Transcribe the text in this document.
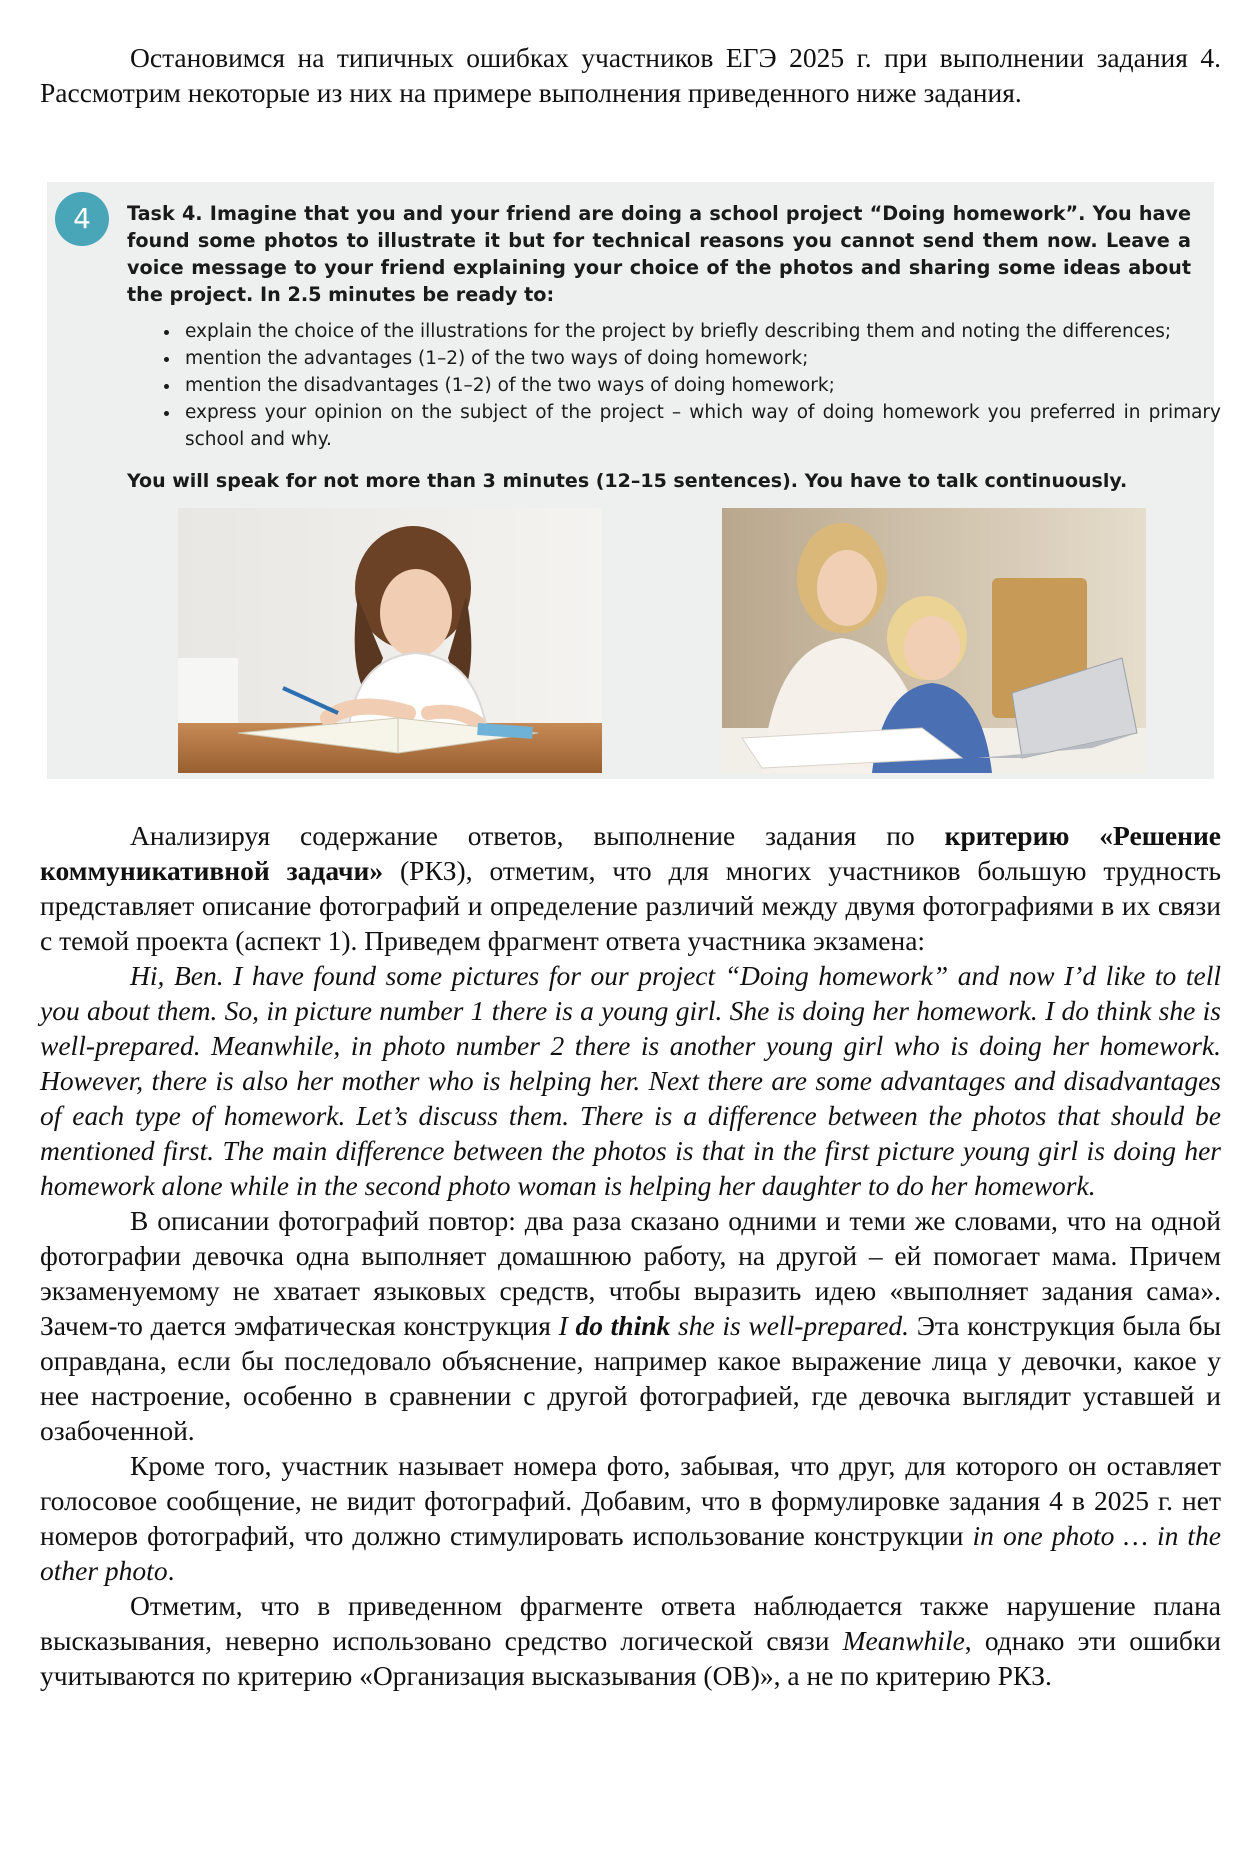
Остановимся на типичных ошибках участников ЕГЭ 2025 г. при выполнении задания 4. Рассмотрим некоторые из них на примере выполнения приведенного ниже задания.

4	Task 4. Imagine that you and your friend are doing a school project “Doing homework”. You have found some photos to illustrate it but for technical reasons you cannot send them now. Leave a voice message to your friend explaining your choice of the photos and sharing some ideas about the project. In 2.5 minutes be ready to:
• explain the choice of the illustrations for the project by briefly describing them and noting the differences;
• mention the advantages (1–2) of the two ways of doing homework;
• mention the disadvantages (1–2) of the two ways of doing homework;
• express your opinion on the subject of the project – which way of doing homework you preferred in primary school and why.
You will speak for not more than 3 minutes (12–15 sentences). You have to talk continuously.

Анализируя содержание ответов, выполнение задания по критерию «Решение коммуникативной задачи» (РКЗ), отметим, что для многих участников большую трудность представляет описание фотографий и определение различий между двумя фотографиями в их связи с темой проекта (аспект 1). Приведем фрагмент ответа участника экзамена:

Hi, Ben. I have found some pictures for our project “Doing homework” and now I’d like to tell you about them. So, in picture number 1 there is a young girl. She is doing her homework. I do think she is well-prepared. Meanwhile, in photo number 2 there is another young girl who is doing her homework. However, there is also her mother who is helping her. Next there are some advantages and disadvantages of each type of homework. Let’s discuss them. There is a difference between the photos that should be mentioned first. The main difference between the photos is that in the first picture young girl is doing her homework alone while in the second photo woman is helping her daughter to do her homework.

В описании фотографий повтор: два раза сказано одними и теми же словами, что на одной фотографии девочка одна выполняет домашнюю работу, на другой – ей помогает мама. Причем экзаменуемому не хватает языковых средств, чтобы выразить идею «выполняет задания сама». Зачем-то дается эмфатическая конструкция I do think she is well-prepared. Эта конструкция была бы оправдана, если бы последовало объяснение, например какое выражение лица у девочки, какое у нее настроение, особенно в сравнении с другой фотографией, где девочка выглядит уставшей и озабоченной.

Кроме того, участник называет номера фото, забывая, что друг, для которого он оставляет голосовое сообщение, не видит фотографий. Добавим, что в формулировке задания 4 в 2025 г. нет номеров фотографий, что должно стимулировать использование конструкции in one photo … in the other photo.

Отметим, что в приведенном фрагменте ответа наблюдается также нарушение плана высказывания, неверно использовано средство логической связи Meanwhile, однако эти ошибки учитываются по критерию «Организация высказывания (ОВ)», а не по критерию РКЗ.
